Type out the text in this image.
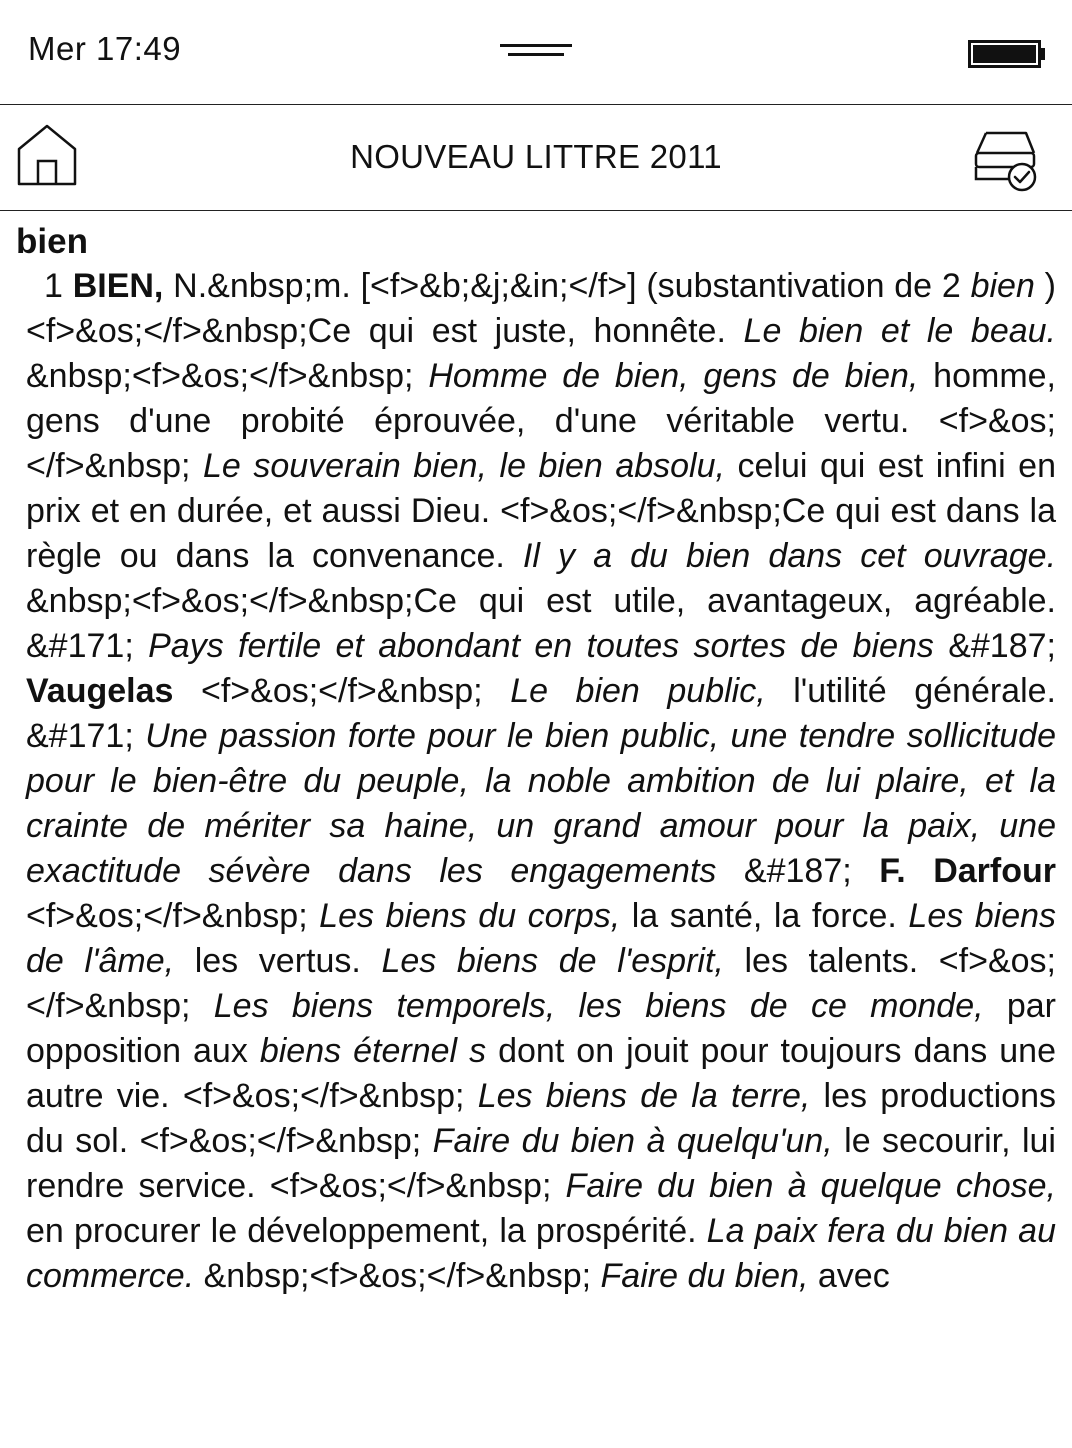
Mer 17:49
NOUVEAU LITTRE 2011
bien

1 BIEN, N.&nbsp;m. [<f>&b;&j;&in;</f>] (substantivation de 2 bien ) <f>&os;</f>&nbsp;Ce qui est juste, honnête. Le bien et le beau. &nbsp;<f>&os;</f>&nbsp; Homme de bien, gens de bien, homme, gens d'une probité éprouvée, d'une véritable vertu. <f>&os;</f>&nbsp; Le souverain bien, le bien absolu, celui qui est infini en prix et en durée, et aussi Dieu. <f>&os;</f>&nbsp;Ce qui est dans la règle ou dans la convenance. Il y a du bien dans cet ouvrage. &nbsp;<f>&os;</f>&nbsp;Ce qui est utile, avantageux, agréable. &#171; Pays fertile et abondant en toutes sortes de biens &#187; Vaugelas <f>&os;</f>&nbsp; Le bien public, l'utilité générale. &#171; Une passion forte pour le bien public, une tendre sollicitude pour le bien-être du peuple, la noble ambition de lui plaire, et la crainte de mériter sa haine, un grand amour pour la paix, une exactitude sévère dans les engagements &#187; F. Darfour <f>&os;</f>&nbsp; Les biens du corps, la santé, la force. Les biens de l'âme, les vertus. Les biens de l'esprit, les talents. <f>&os;</f>&nbsp; Les biens temporels, les biens de ce monde, par opposition aux biens éternel s dont on jouit pour toujours dans une autre vie. <f>&os;</f>&nbsp; Les biens de la terre, les productions du sol. <f>&os;</f>&nbsp; Faire du bien à quelqu'un, le secourir, lui rendre service. <f>&os;</f>&nbsp; Faire du bien à quelque chose, en procurer le développement, la prospérité. La paix fera du bien au commerce. &nbsp;<f>&os;</f>&nbsp; Faire du bien, avec
